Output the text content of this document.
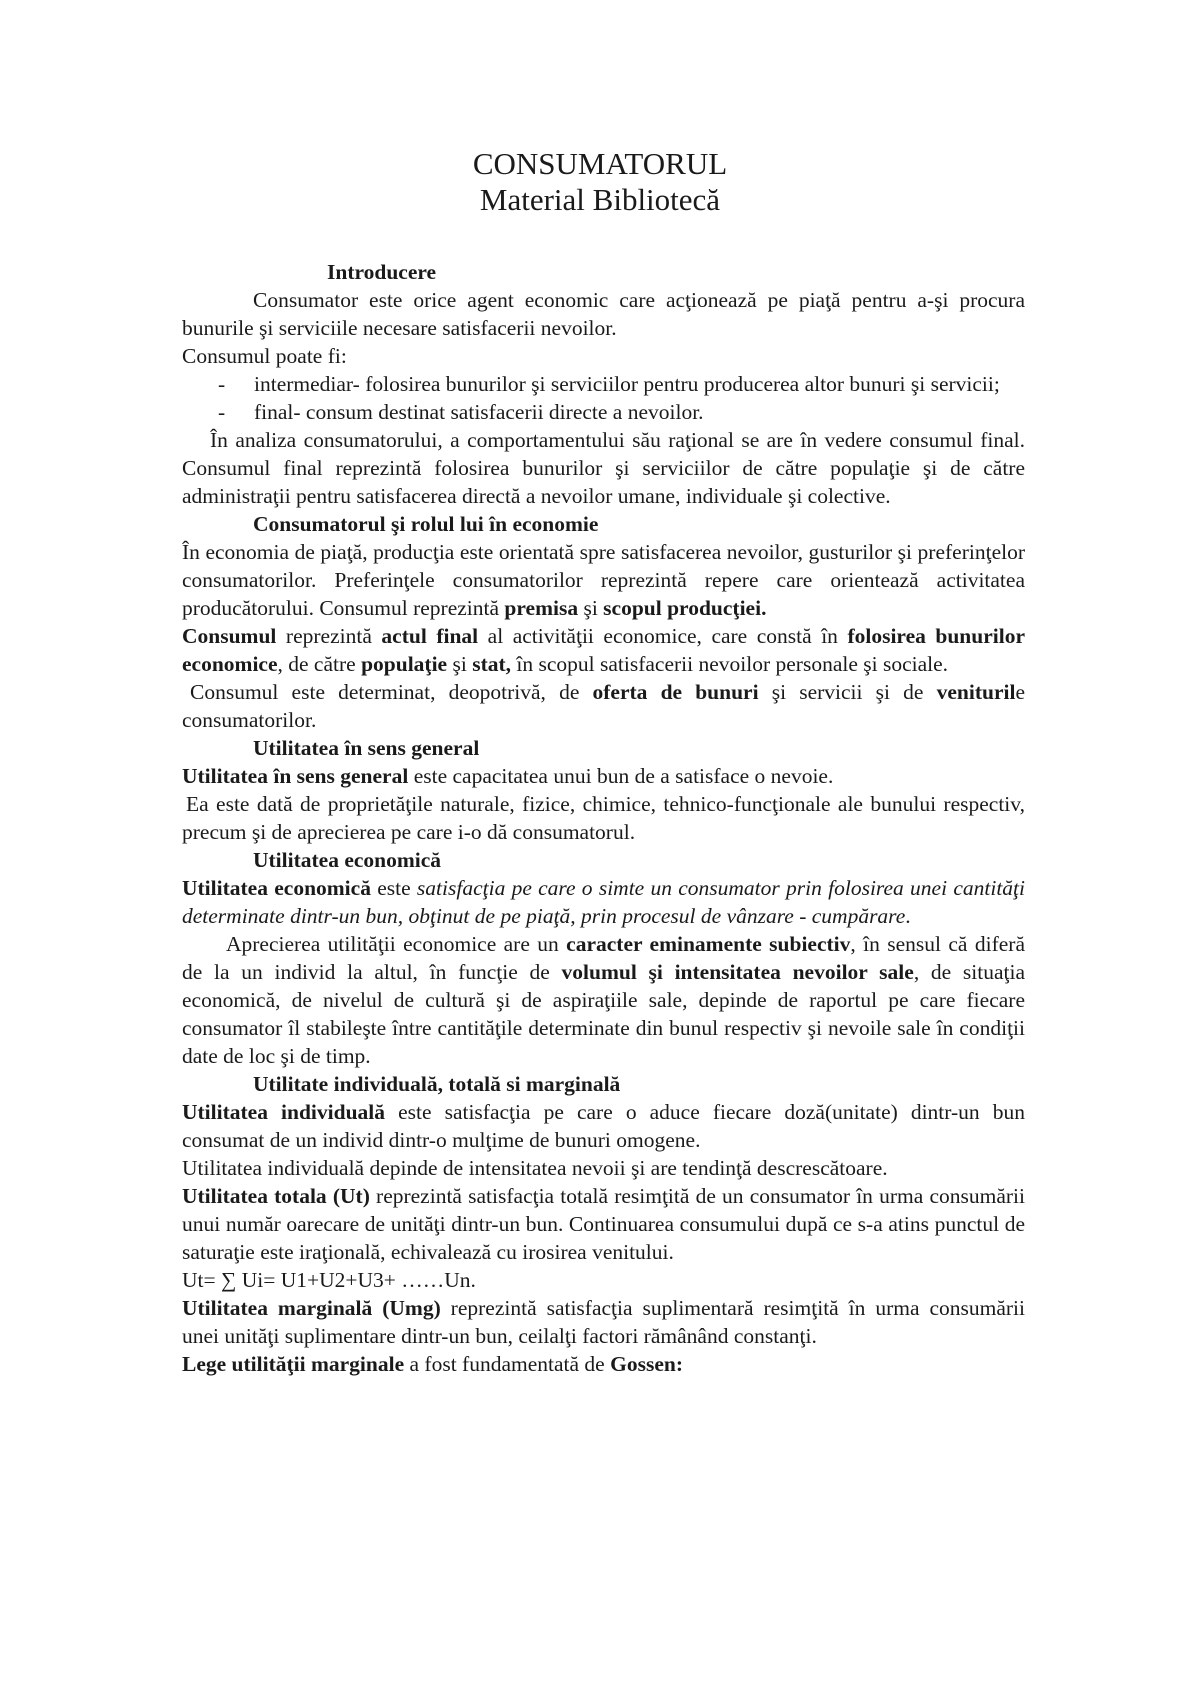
CONSUMATORUL
Material Bibliotecă

Introducere

Consumator este orice agent economic care acţionează pe piaţă pentru a-şi procura bunurile şi serviciile necesare satisfacerii nevoilor.

Consumul poate fi:

- intermediar- folosirea bunurilor şi serviciilor pentru producerea altor bunuri şi servicii;
- final- consum destinat satisfacerii directe a nevoilor.

În analiza consumatorului, a comportamentului său raţional se are în vedere consumul final. Consumul final reprezintă folosirea bunurilor şi serviciilor de către populaţie şi de către administraţii pentru satisfacerea directă a nevoilor umane, individuale şi colective.

Consumatorul şi rolul lui în economie

În economia de piaţă, producţia este orientată spre satisfacerea nevoilor, gusturilor şi preferinţelor consumatorilor. Preferinţele consumatorilor reprezintă repere care orientează activitatea producătorului. Consumul reprezintă premisa şi scopul producţiei.

Consumul reprezintă actul final al activităţii economice, care constă în folosirea bunurilor economice, de către populaţie şi stat, în scopul satisfacerii nevoilor personale şi sociale.

Consumul este determinat, deopotrivă, de oferta de bunuri şi servicii şi de veniturile consumatorilor.

Utilitatea în sens general

Utilitatea în sens general este capacitatea unui bun de a satisface o nevoie.

Ea este dată de proprietăţile naturale, fizice, chimice, tehnico-funcţionale ale bunului respectiv, precum şi de aprecierea pe care i-o dă consumatorul.

Utilitatea economică

Utilitatea economică este satisfacţia pe care o simte un consumator prin folosirea unei cantităţi determinate dintr-un bun, obţinut de pe piaţă, prin procesul de vânzare - cumpărare.

Aprecierea utilităţii economice are un caracter eminamente subiectiv, în sensul că diferă de la un individ la altul, în funcţie de volumul şi intensitatea nevoilor sale, de situaţia economică, de nivelul de cultură şi de aspiraţiile sale, depinde de raportul pe care fiecare consumator îl stabileşte între cantităţile determinate din bunul respectiv şi nevoile sale în condiţii date de loc şi de timp.

Utilitate individuală, totală si marginală

Utilitatea individuală este satisfacţia pe care o aduce fiecare doză(unitate) dintr-un bun consumat de un individ dintr-o mulţime de bunuri omogene.

Utilitatea individuală depinde de intensitatea nevoii şi are tendinţă descrescătoare.

Utilitatea totala (Ut) reprezintă satisfacţia totală resimţită de un consumator în urma consumării unui număr oarecare de unităţi dintr-un bun. Continuarea consumului după ce s-a atins punctul de saturaţie este iraţională, echivalează cu irosirea venitului.

Ut= ∑ Ui= U1+U2+U3+ ……Un.

Utilitatea marginală (Umg) reprezintă satisfacţia suplimentară resimţită în urma consumării unei unităţi suplimentare dintr-un bun, ceilalţi factori rămânând constanţi.

Lege utilităţii marginale a fost fundamentată de Gossen:
